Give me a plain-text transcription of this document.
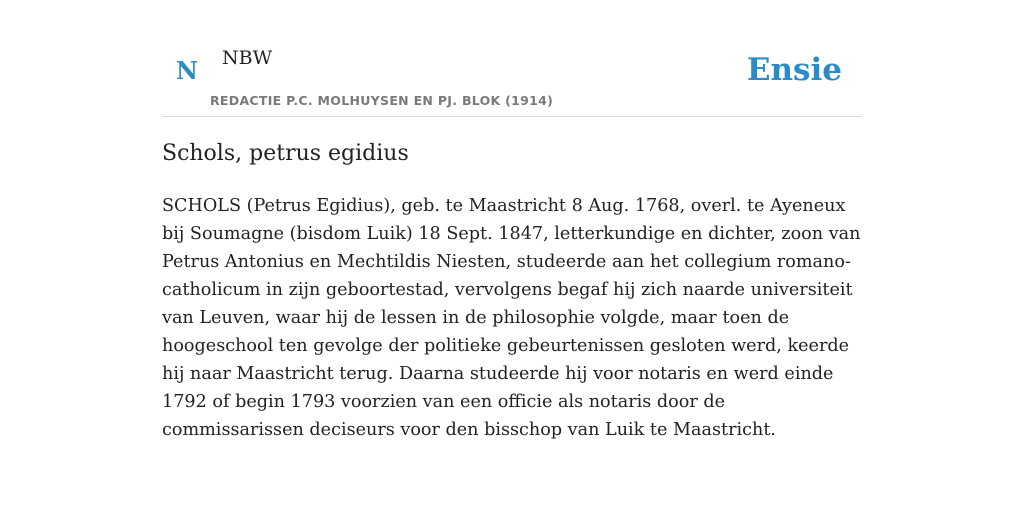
N NBW
REDACTIE P.C. MOLHUYSEN EN PJ. BLOK (1914)
Ensie
Schols, petrus egidius

SCHOLS (Petrus Egidius), geb. te Maastricht 8 Aug. 1768, overl. te Ayeneux bij Soumagne (bisdom Luik) 18 Sept. 1847, letterkundige en dichter, zoon van Petrus Antonius en Mechtildis Niesten, studeerde aan het collegium romano-catholicum in zijn geboortestad, vervolgens begaf hij zich naarde universiteit van Leuven, waar hij de lessen in de philosophie volgde, maar toen de hoogeschool ten gevolge der politieke gebeurtenissen gesloten werd, keerde hij naar Maastricht terug. Daarna studeerde hij voor notaris en werd einde 1792 of begin 1793 voorzien van een officie als notaris door de commissarissen deciseurs voor den bisschop van Luik te Maastricht.
